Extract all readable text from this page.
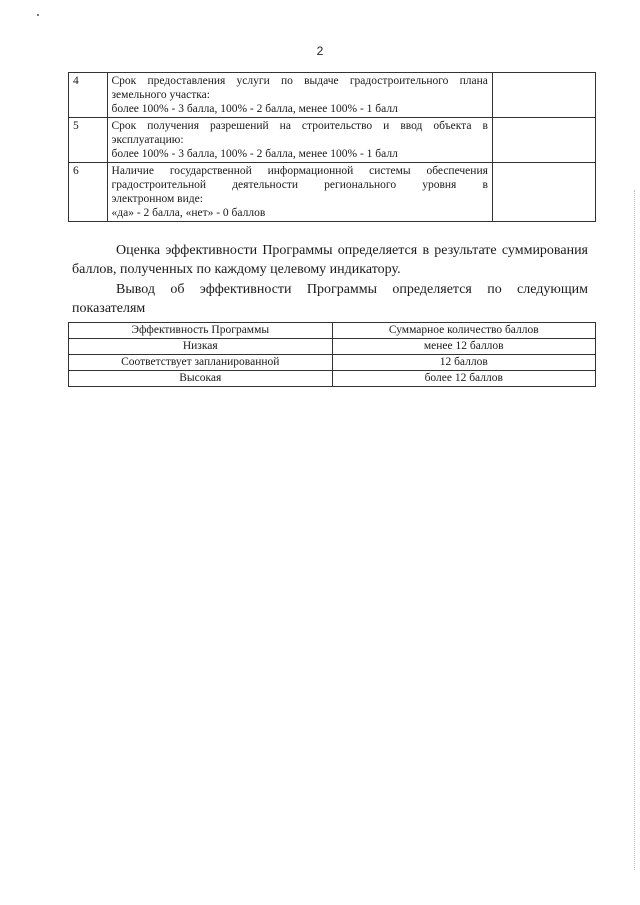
2
4	Срок предоставления услуги по выдаче градостроительного плана
земельного участка:
более 100% - 3 балла, 100% - 2 балла, менее 100% - 1 балл	

5	Срок получения разрешений на строительство и ввод объекта в
эксплуатацию:
более 100% - 3 балла, 100% - 2 балла, менее 100% - 1 балл	

6	Наличие государственной информационной системы обеспечения
градостроительной деятельности регионального уровня в
электронном виде:
«да» - 2 балла, «нет» - 0 баллов	

Оценка эффективности Программы определяется в результате суммирования баллов, полученных по каждому целевому индикатору.
Вывод об эффективности Программы определяется по следующим показателям
Эффективность Программы	Суммарное количество баллов
Низкая	менее 12 баллов
Соответствует запланированной	12 баллов
Высокая	более 12 баллов
